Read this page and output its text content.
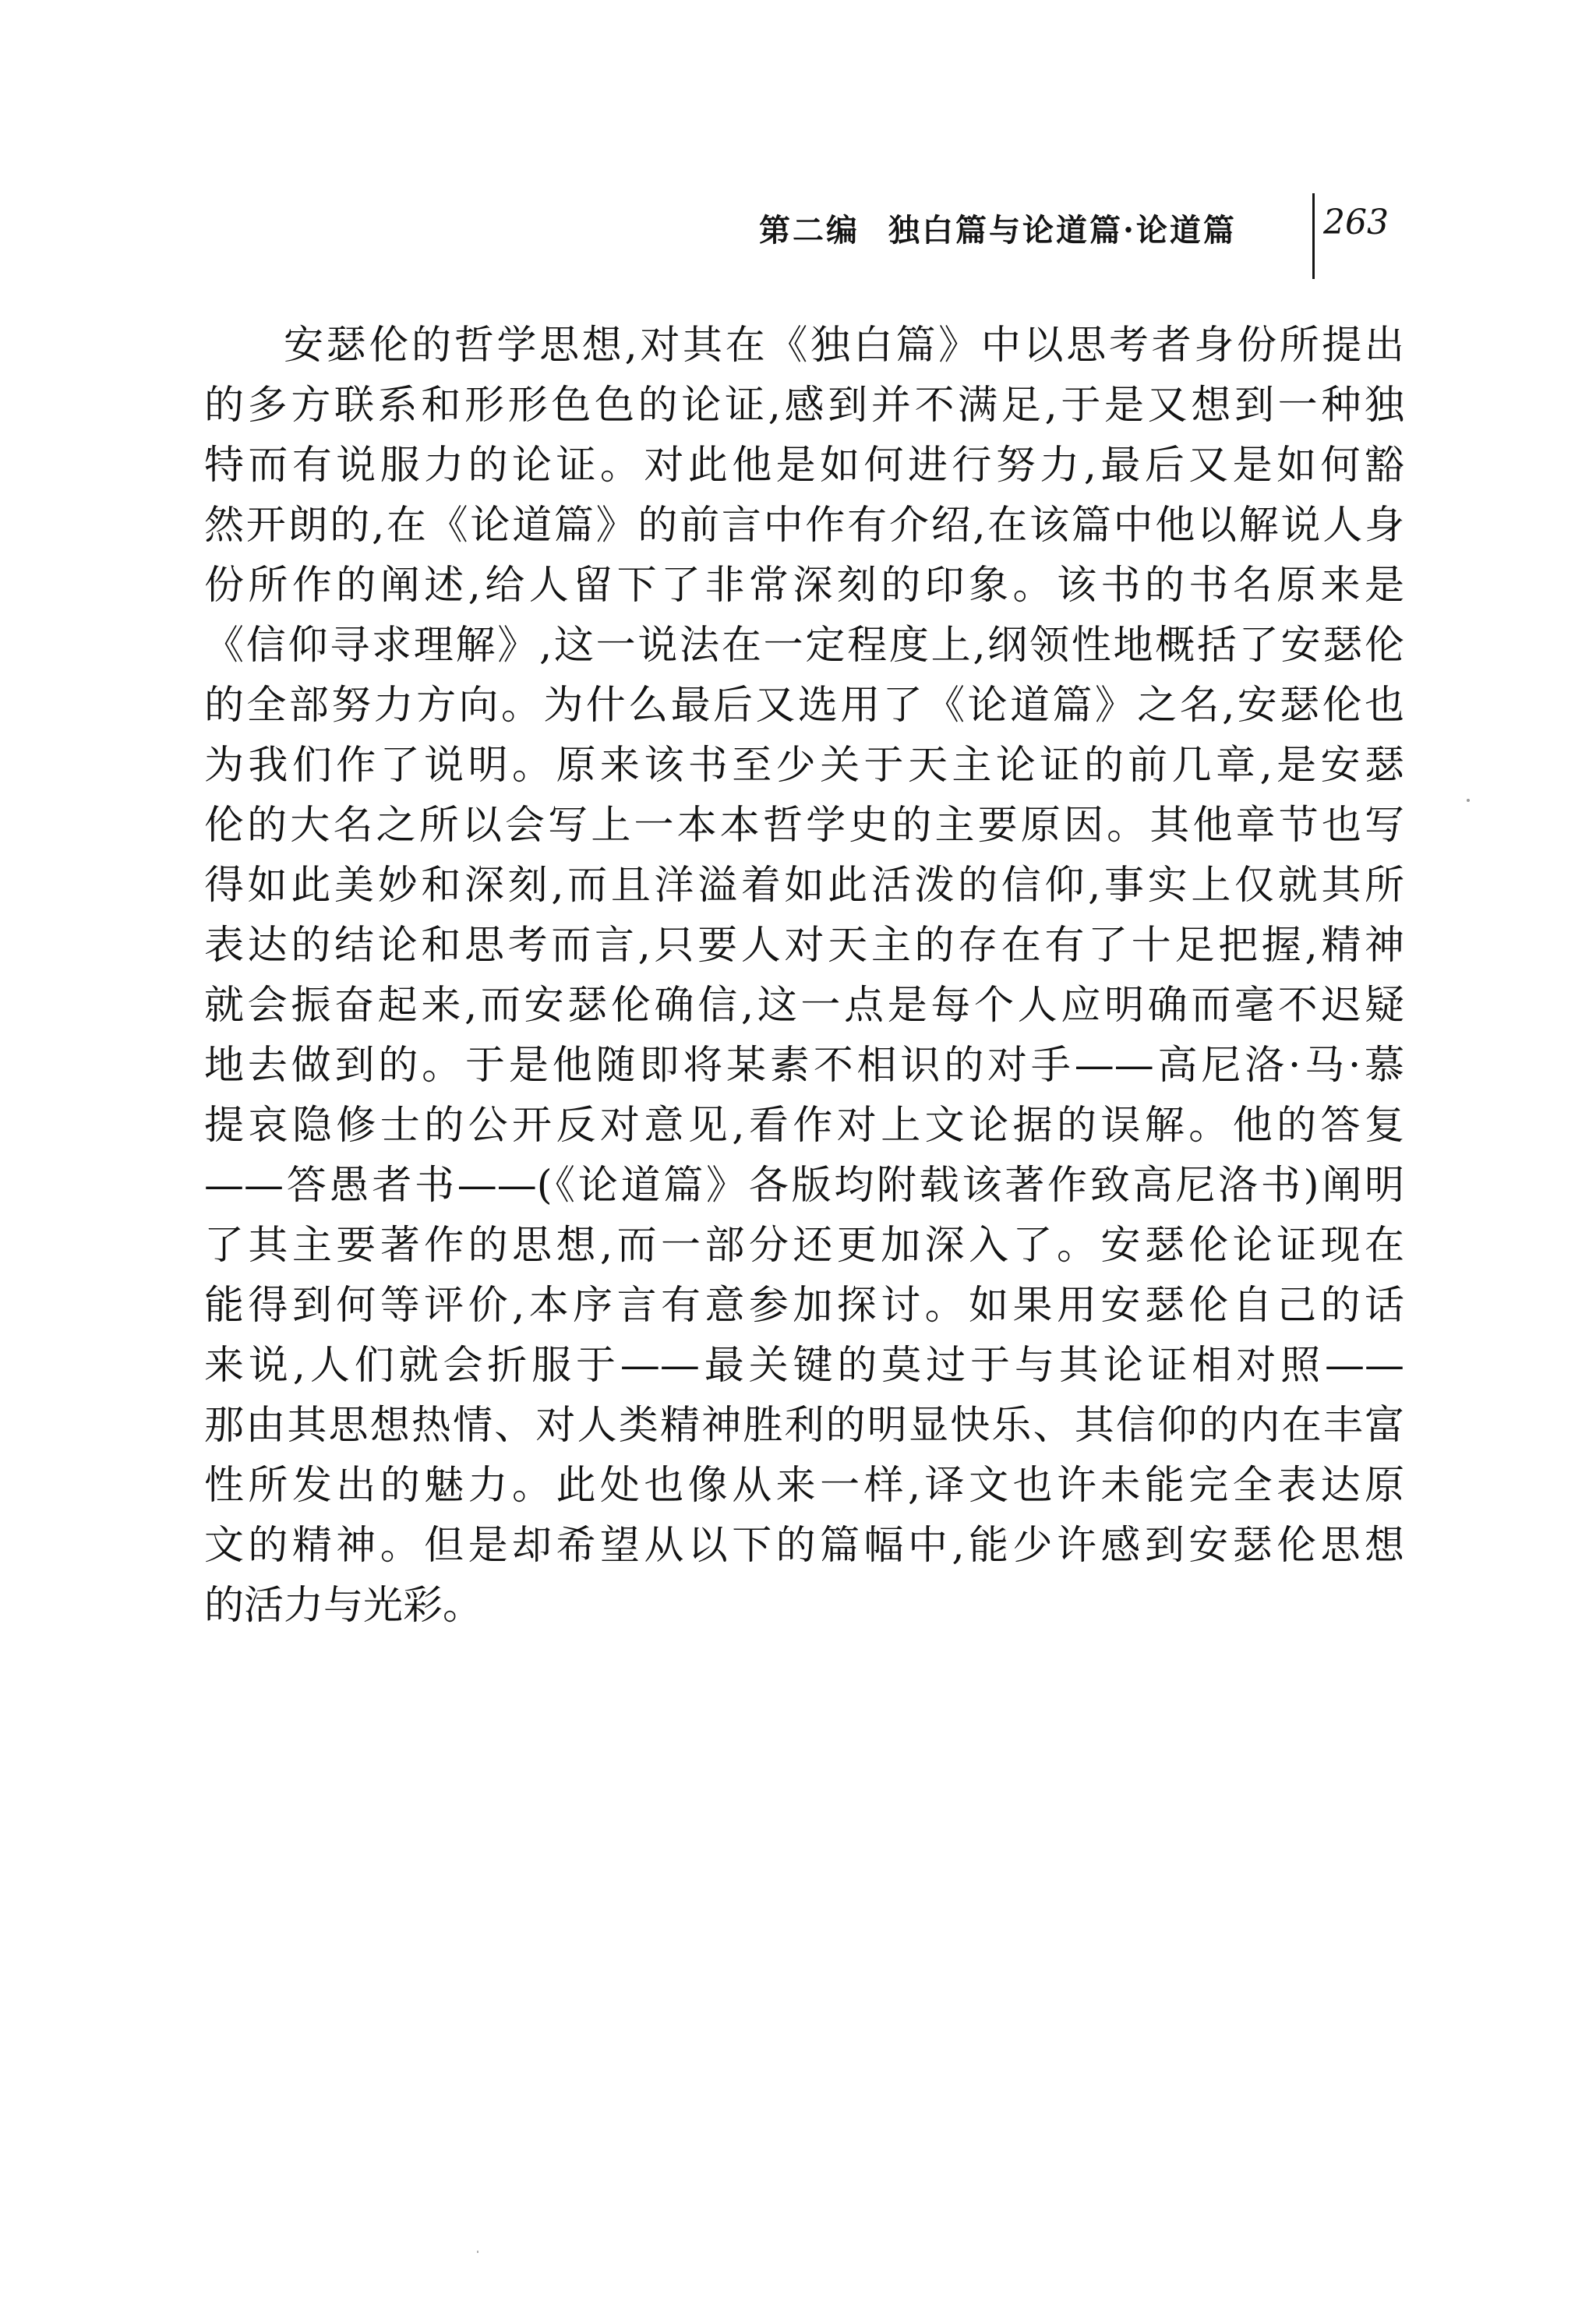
第二编 独白篇与论道篇·论道篇	263
安瑟伦的哲学思想,对其在《独白篇》中以思考者身份所提出
的多方联系和形形色色的论证,感到并不满足,于是又想到一种独
特而有说服力的论证。对此他是如何进行努力,最后又是如何豁
然开朗的,在《论道篇》的前言中作有介绍,在该篇中他以解说人身
份所作的阐述,给人留下了非常深刻的印象。该书的书名原来是
《信仰寻求理解》,这一说法在一定程度上,纲领性地概括了安瑟伦
的全部努力方向。为什么最后又选用了《论道篇》之名,安瑟伦也
为我们作了说明。原来该书至少关于天主论证的前几章,是安瑟
伦的大名之所以会写上一本本哲学史的主要原因。其他章节也写
得如此美妙和深刻,而且洋溢着如此活泼的信仰,事实上仅就其所
表达的结论和思考而言,只要人对天主的存在有了十足把握,精神
就会振奋起来,而安瑟伦确信,这一点是每个人应明确而毫不迟疑
地去做到的。于是他随即将某素不相识的对手——高尼洛·马·慕
提哀隐修士的公开反对意见,看作对上文论据的误解。他的答复
——答愚者书——(《论道篇》各版均附载该著作致高尼洛书)阐明
了其主要著作的思想,而一部分还更加深入了。安瑟伦论证现在
能得到何等评价,本序言有意参加探讨。如果用安瑟伦自己的话
来说,人们就会折服于——最关键的莫过于与其论证相对照——
那由其思想热情、对人类精神胜利的明显快乐、其信仰的内在丰富
性所发出的魅力。此处也像从来一样,译文也许未能完全表达原
文的精神。但是却希望从以下的篇幅中,能少许感到安瑟伦思想
的活力与光彩。
